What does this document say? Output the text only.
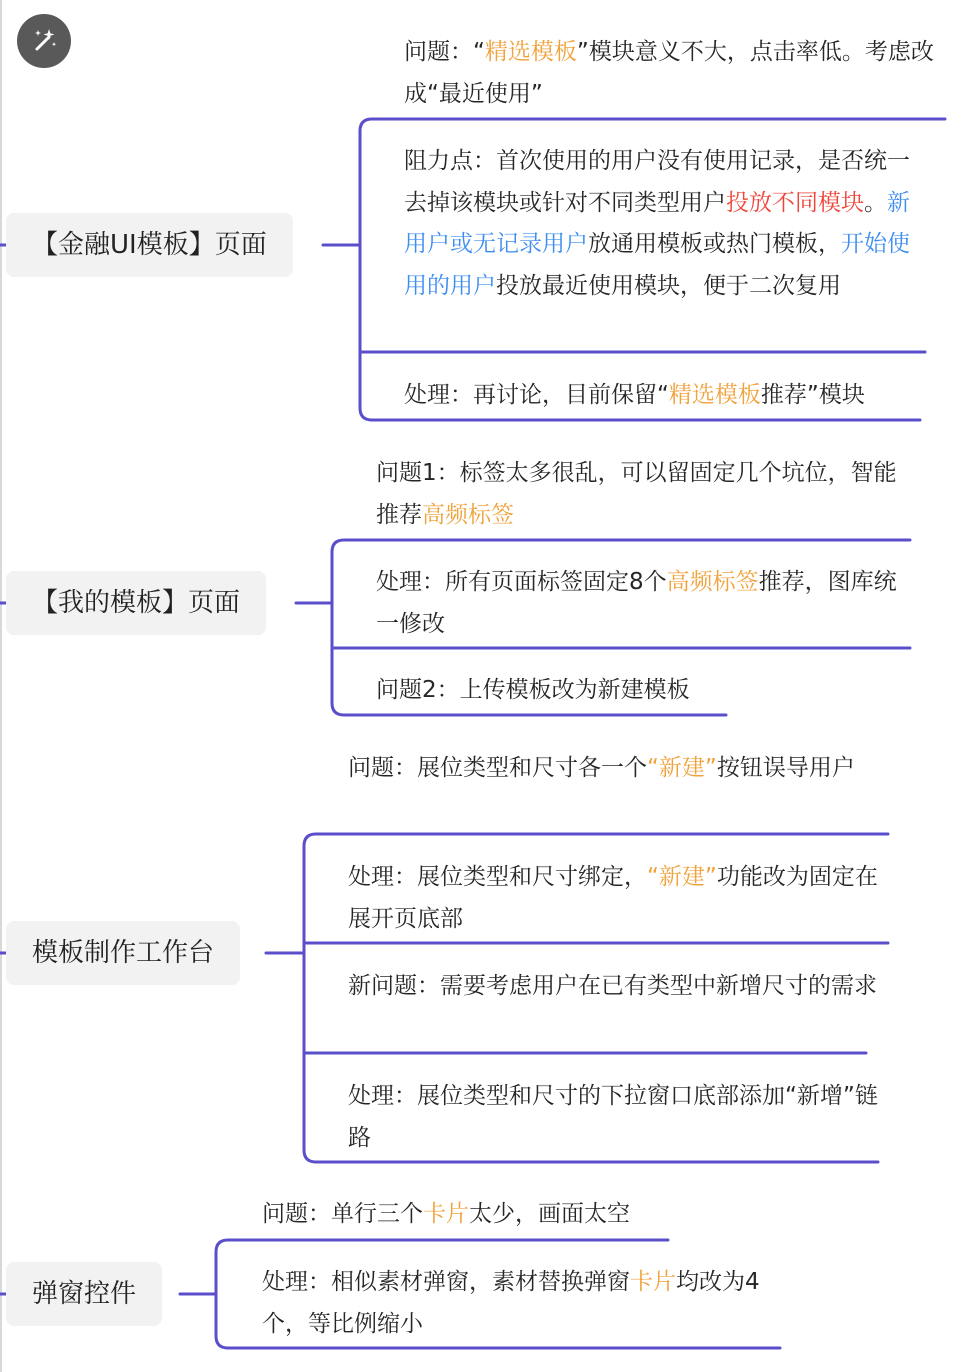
【金融UI模板】页面
【我的模板】页面
模板制作工作台
弹窗控件
问题：“精选模板”模块意义不大，点击率低。考虑改成“最近使用”
阻力点：首次使用的用户没有使用记录，是否统一去掉该模块或针对不同类型用户投放不同模块。新用户或无记录用户放通用模板或热门模板，开始使用的用户投放最近使用模块，便于二次复用
处理：再讨论，目前保留“精选模板推荐”模块
问题1：标签太多很乱，可以留固定几个坑位，智能推荐高频标签
处理：所有页面标签固定8个高频标签推荐，图库统一修改
问题2：上传模板改为新建模板
问题：展位类型和尺寸各一个“新建”按钮误导用户
处理：展位类型和尺寸绑定，“新建”功能改为固定在展开页底部
新问题：需要考虑用户在已有类型中新增尺寸的需求
处理：展位类型和尺寸的下拉窗口底部添加“新增”链路
问题：单行三个卡片太少，画面太空
处理：相似素材弹窗，素材替换弹窗卡片均改为4个，等比例缩小
